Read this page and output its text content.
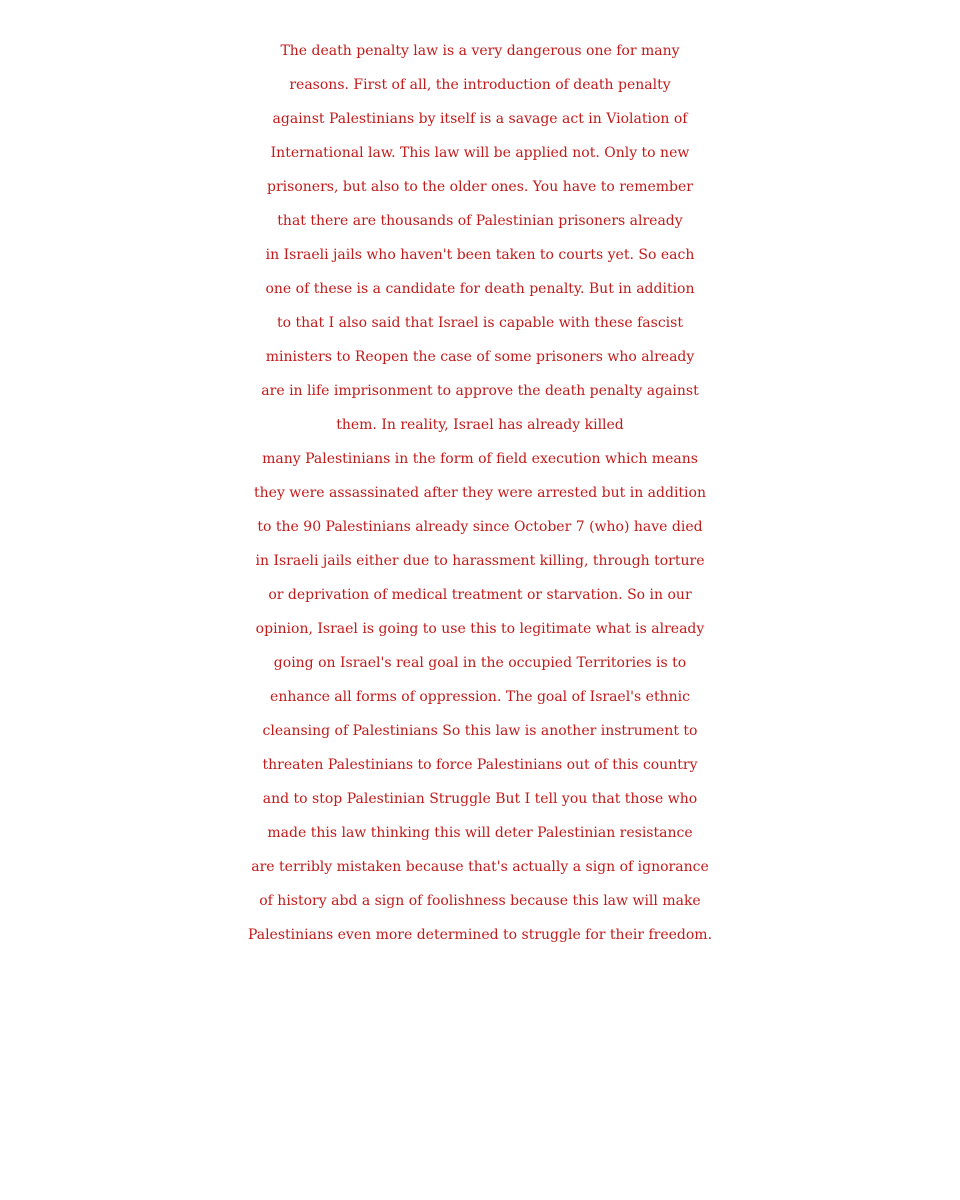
The death penalty law is a very dangerous one for many
reasons. First of all, the introduction of death penalty
against Palestinians by itself is a savage act in Violation of
International law. This law will be applied not. Only to new
prisoners, but also to the older ones. You have to remember
that there are thousands of Palestinian prisoners already
in Israeli jails who haven't been taken to courts yet. So each
one of these is a candidate for death penalty. But in addition
to that I also said that Israel is capable with these fascist
ministers to Reopen the case of some prisoners who already
are in life imprisonment to approve the death penalty against
them. In reality, Israel has already killed
many Palestinians in the form of field execution which means
they were assassinated after they were arrested but in addition
to the 90 Palestinians already since October 7 (who) have died
in Israeli jails either due to harassment killing, through torture
or deprivation of medical treatment or starvation. So in our
opinion, Israel is going to use this to legitimate what is already
going on Israel's real goal in the occupied Territories is to
enhance all forms of oppression. The goal of Israel's ethnic
cleansing of Palestinians So this law is another instrument to
threaten Palestinians to force Palestinians out of this country
and to stop Palestinian Struggle But I tell you that those who
made this law thinking this will deter Palestinian resistance
are terribly mistaken because that's actually a sign of ignorance
of history abd a sign of foolishness because this law will make
Palestinians even more determined to struggle for their freedom.
